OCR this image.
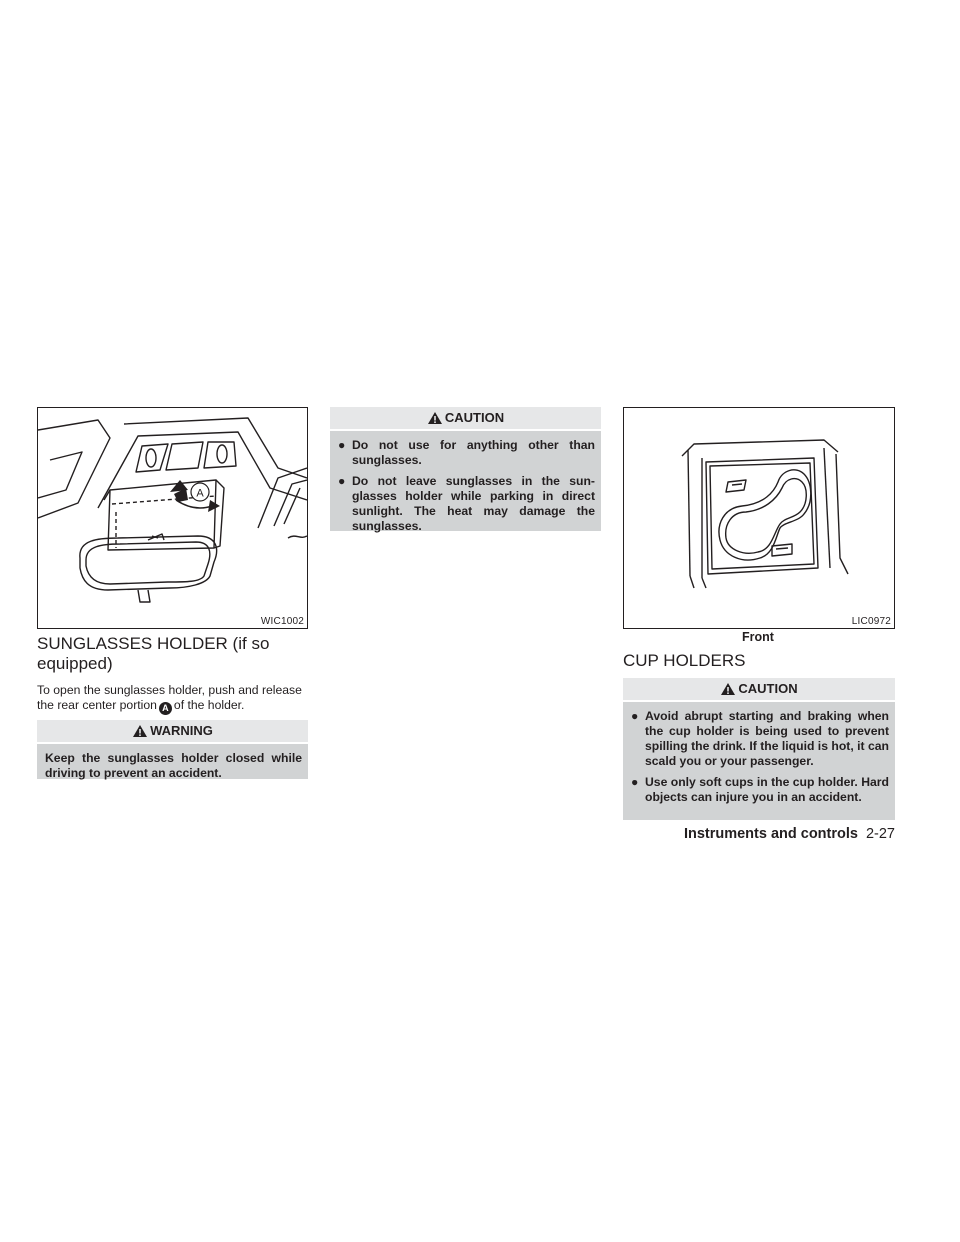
A
WIC1002
SUNGLASSES HOLDER (if so equipped)
To open the sunglasses holder, push and release the rear center portion A of the holder.
WARNING
Keep the sunglasses holder closed while driving to prevent an accident.
CAUTION
● Do not use for anything other than sunglasses.
● Do not leave sunglasses in the sun-glasses holder while parking in direct sunlight. The heat may damage the sunglasses.
LIC0972
Front
CUP HOLDERS
CAUTION
● Avoid abrupt starting and braking when the cup holder is being used to prevent spilling the drink. If the liquid is hot, it can scald you or your passenger.
● Use only soft cups in the cup holder. Hard objects can injure you in an accident.
Instruments and controls 2-27
